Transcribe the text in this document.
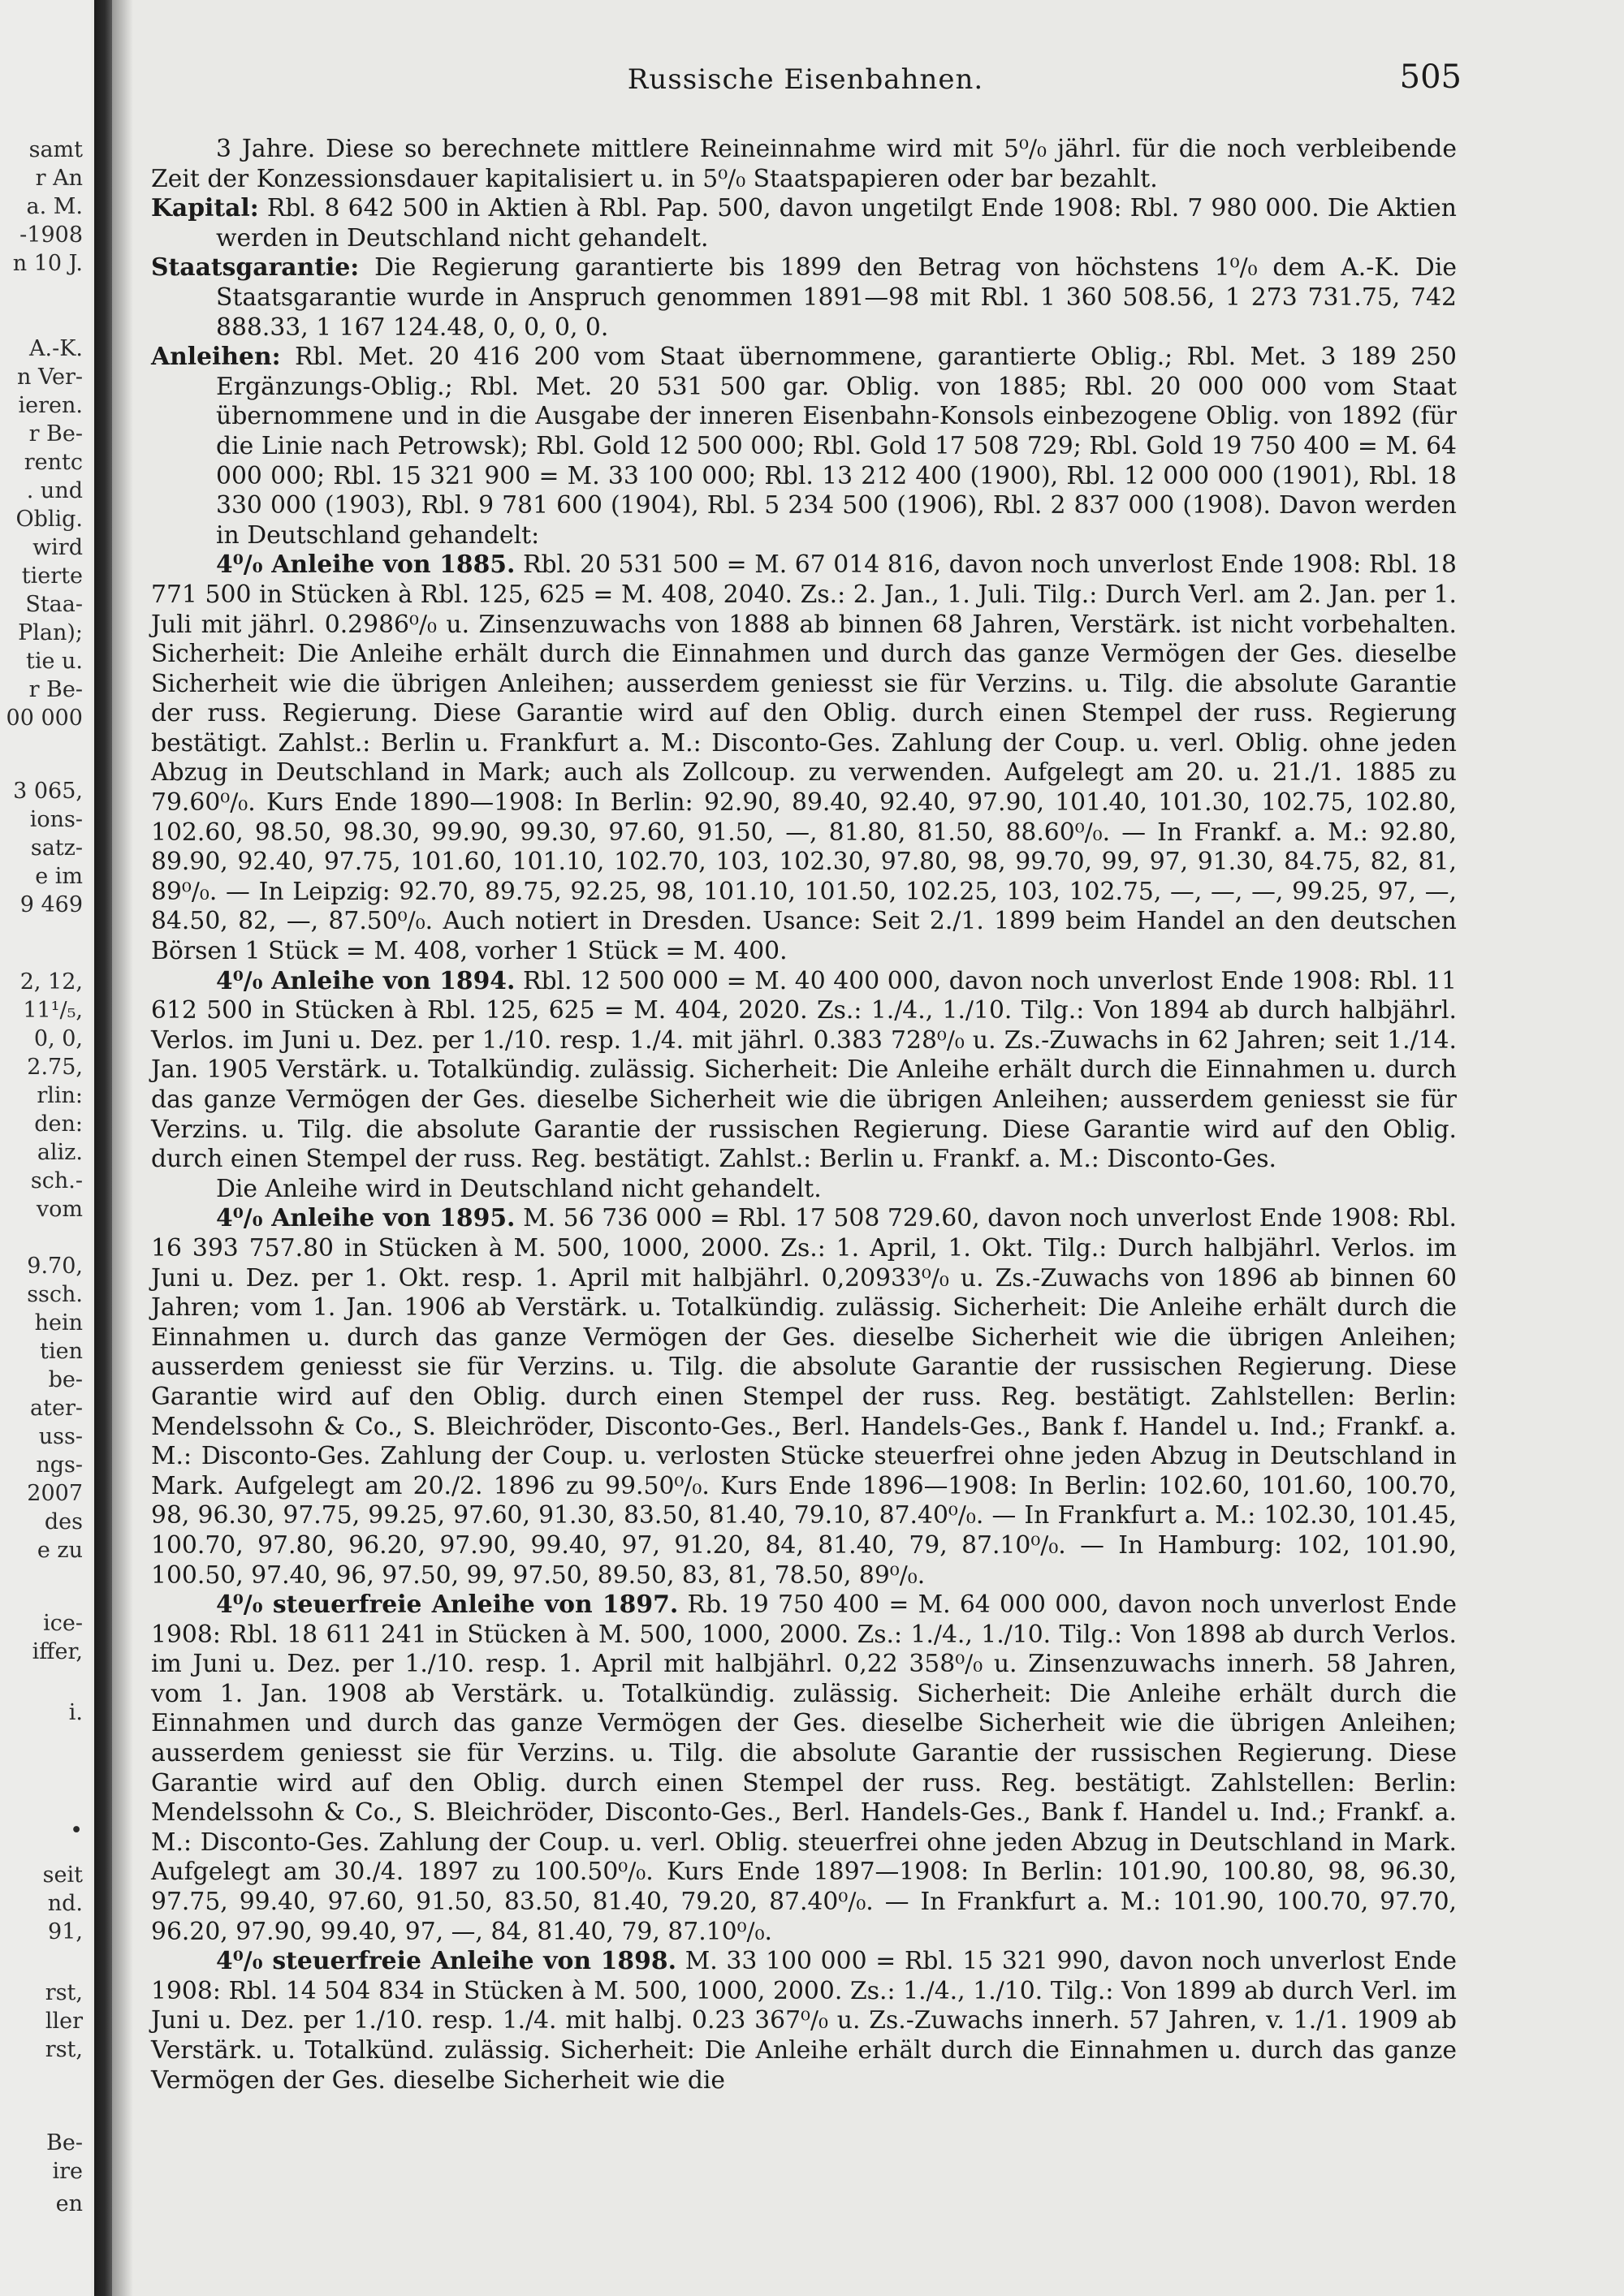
samt
r An
a. M.
-1908
n 10 J.
A.-K.
n Ver-
ieren.
r Be-
rentc
. und
Oblig.
wird
tierte
Staa-
Plan);
tie u.
r Be-
00 000
3 065,
ions-
satz-
e im
9 469
2, 12,
11¹/₅,
0, 0,
2.75,
rlin:
den:
aliz.
sch.-
vom
9.70,
ssch.
hein
tien
be-
ater-
uss-
ngs-
2007
des
e zu
ice-
iffer,
i.
•
seit
nd.
91,
rst,
ller
rst,
Be-
ire
en
Russische Eisenbahnen.	505

3 Jahre. Diese so berechnete mittlere Reineinnahme wird mit 5⁰/₀ jährl. für die noch verbleibende Zeit der Konzessionsdauer kapitalisiert u. in 5⁰/₀ Staatspapieren oder bar bezahlt.

Kapital: Rbl. 8 642 500 in Aktien à Rbl. Pap. 500, davon ungetilgt Ende 1908: Rbl. 7 980 000. Die Aktien werden in Deutschland nicht gehandelt.

Staatsgarantie: Die Regierung garantierte bis 1899 den Betrag von höchstens 1⁰/₀ dem A.-K. Die Staatsgarantie wurde in Anspruch genommen 1891—98 mit Rbl. 1 360 508.56, 1 273 731.75, 742 888.33, 1 167 124.48, 0, 0, 0, 0.

Anleihen: Rbl. Met. 20 416 200 vom Staat übernommene, garantierte Oblig.; Rbl. Met. 3 189 250 Ergänzungs-Oblig.; Rbl. Met. 20 531 500 gar. Oblig. von 1885; Rbl. 20 000 000 vom Staat übernommene und in die Ausgabe der inneren Eisenbahn-Konsols einbezogene Oblig. von 1892 (für die Linie nach Petrowsk); Rbl. Gold 12 500 000; Rbl. Gold 17 508 729; Rbl. Gold 19 750 400 = M. 64 000 000; Rbl. 15 321 900 = M. 33 100 000; Rbl. 13 212 400 (1900), Rbl. 12 000 000 (1901), Rbl. 18 330 000 (1903), Rbl. 9 781 600 (1904), Rbl. 5 234 500 (1906), Rbl. 2 837 000 (1908). Davon werden in Deutschland gehandelt:

4⁰/₀ Anleihe von 1885. Rbl. 20 531 500 = M. 67 014 816, davon noch unverlost Ende 1908: Rbl. 18 771 500 in Stücken à Rbl. 125, 625 = M. 408, 2040. Zs.: 2. Jan., 1. Juli. Tilg.: Durch Verl. am 2. Jan. per 1. Juli mit jährl. 0.2986⁰/₀ u. Zinsenzuwachs von 1888 ab binnen 68 Jahren, Verstärk. ist nicht vorbehalten. Sicherheit: Die Anleihe erhält durch die Einnahmen und durch das ganze Vermögen der Ges. dieselbe Sicherheit wie die übrigen Anleihen; ausserdem geniesst sie für Verzins. u. Tilg. die absolute Garantie der russ. Regierung. Diese Garantie wird auf den Oblig. durch einen Stempel der russ. Regierung bestätigt. Zahlst.: Berlin u. Frankfurt a. M.: Disconto-Ges. Zahlung der Coup. u. verl. Oblig. ohne jeden Abzug in Deutschland in Mark; auch als Zollcoup. zu verwenden. Aufgelegt am 20. u. 21./1. 1885 zu 79.60⁰/₀. Kurs Ende 1890—1908: In Berlin: 92.90, 89.40, 92.40, 97.90, 101.40, 101.30, 102.75, 102.80, 102.60, 98.50, 98.30, 99.90, 99.30, 97.60, 91.50, —, 81.80, 81.50, 88.60⁰/₀. — In Frankf. a. M.: 92.80, 89.90, 92.40, 97.75, 101.60, 101.10, 102.70, 103, 102.30, 97.80, 98, 99.70, 99, 97, 91.30, 84.75, 82, 81, 89⁰/₀. — In Leipzig: 92.70, 89.75, 92.25, 98, 101.10, 101.50, 102.25, 103, 102.75, —, —, —, 99.25, 97, —, 84.50, 82, —, 87.50⁰/₀. Auch notiert in Dresden. Usance: Seit 2./1. 1899 beim Handel an den deutschen Börsen 1 Stück = M. 408, vorher 1 Stück = M. 400.

4⁰/₀ Anleihe von 1894. Rbl. 12 500 000 = M. 40 400 000, davon noch unverlost Ende 1908: Rbl. 11 612 500 in Stücken à Rbl. 125, 625 = M. 404, 2020. Zs.: 1./4., 1./10. Tilg.: Von 1894 ab durch halbjährl. Verlos. im Juni u. Dez. per 1./10. resp. 1./4. mit jährl. 0.383 728⁰/₀ u. Zs.-Zuwachs in 62 Jahren; seit 1./14. Jan. 1905 Verstärk. u. Totalkündig. zulässig. Sicherheit: Die Anleihe erhält durch die Einnahmen u. durch das ganze Vermögen der Ges. dieselbe Sicherheit wie die übrigen Anleihen; ausserdem geniesst sie für Verzins. u. Tilg. die absolute Garantie der russischen Regierung. Diese Garantie wird auf den Oblig. durch einen Stempel der russ. Reg. bestätigt. Zahlst.: Berlin u. Frankf. a. M.: Disconto-Ges.

Die Anleihe wird in Deutschland nicht gehandelt.

4⁰/₀ Anleihe von 1895. M. 56 736 000 = Rbl. 17 508 729.60, davon noch unverlost Ende 1908: Rbl. 16 393 757.80 in Stücken à M. 500, 1000, 2000. Zs.: 1. April, 1. Okt. Tilg.: Durch halbjährl. Verlos. im Juni u. Dez. per 1. Okt. resp. 1. April mit halbjährl. 0,20933⁰/₀ u. Zs.-Zuwachs von 1896 ab binnen 60 Jahren; vom 1. Jan. 1906 ab Verstärk. u. Totalkündig. zulässig. Sicherheit: Die Anleihe erhält durch die Einnahmen u. durch das ganze Vermögen der Ges. dieselbe Sicherheit wie die übrigen Anleihen; ausserdem geniesst sie für Verzins. u. Tilg. die absolute Garantie der russischen Regierung. Diese Garantie wird auf den Oblig. durch einen Stempel der russ. Reg. bestätigt. Zahlstellen: Berlin: Mendelssohn & Co., S. Bleichröder, Disconto-Ges., Berl. Handels-Ges., Bank f. Handel u. Ind.; Frankf. a. M.: Disconto-Ges. Zahlung der Coup. u. verlosten Stücke steuerfrei ohne jeden Abzug in Deutschland in Mark. Aufgelegt am 20./2. 1896 zu 99.50⁰/₀. Kurs Ende 1896—1908: In Berlin: 102.60, 101.60, 100.70, 98, 96.30, 97.75, 99.25, 97.60, 91.30, 83.50, 81.40, 79.10, 87.40⁰/₀. — In Frankfurt a. M.: 102.30, 101.45, 100.70, 97.80, 96.20, 97.90, 99.40, 97, 91.20, 84, 81.40, 79, 87.10⁰/₀. — In Hamburg: 102, 101.90, 100.50, 97.40, 96, 97.50, 99, 97.50, 89.50, 83, 81, 78.50, 89⁰/₀.

4⁰/₀ steuerfreie Anleihe von 1897. Rb. 19 750 400 = M. 64 000 000, davon noch unverlost Ende 1908: Rbl. 18 611 241 in Stücken à M. 500, 1000, 2000. Zs.: 1./4., 1./10. Tilg.: Von 1898 ab durch Verlos. im Juni u. Dez. per 1./10. resp. 1. April mit halbjährl. 0,22 358⁰/₀ u. Zinsenzuwachs innerh. 58 Jahren, vom 1. Jan. 1908 ab Verstärk. u. Totalkündig. zulässig. Sicherheit: Die Anleihe erhält durch die Einnahmen und durch das ganze Vermögen der Ges. dieselbe Sicherheit wie die übrigen Anleihen; ausserdem geniesst sie für Verzins. u. Tilg. die absolute Garantie der russischen Regierung. Diese Garantie wird auf den Oblig. durch einen Stempel der russ. Reg. bestätigt. Zahlstellen: Berlin: Mendelssohn & Co., S. Bleichröder, Disconto-Ges., Berl. Handels-Ges., Bank f. Handel u. Ind.; Frankf. a. M.: Disconto-Ges. Zahlung der Coup. u. verl. Oblig. steuerfrei ohne jeden Abzug in Deutschland in Mark. Aufgelegt am 30./4. 1897 zu 100.50⁰/₀. Kurs Ende 1897—1908: In Berlin: 101.90, 100.80, 98, 96.30, 97.75, 99.40, 97.60, 91.50, 83.50, 81.40, 79.20, 87.40⁰/₀. — In Frankfurt a. M.: 101.90, 100.70, 97.70, 96.20, 97.90, 99.40, 97, —, 84, 81.40, 79, 87.10⁰/₀.

4⁰/₀ steuerfreie Anleihe von 1898. M. 33 100 000 = Rbl. 15 321 990, davon noch unverlost Ende 1908: Rbl. 14 504 834 in Stücken à M. 500, 1000, 2000. Zs.: 1./4., 1./10. Tilg.: Von 1899 ab durch Verl. im Juni u. Dez. per 1./10. resp. 1./4. mit halbj. 0.23 367⁰/₀ u. Zs.-Zuwachs innerh. 57 Jahren, v. 1./1. 1909 ab Verstärk. u. Totalkünd. zulässig. Sicherheit: Die Anleihe erhält durch die Einnahmen u. durch das ganze Vermögen der Ges. dieselbe Sicherheit wie die
